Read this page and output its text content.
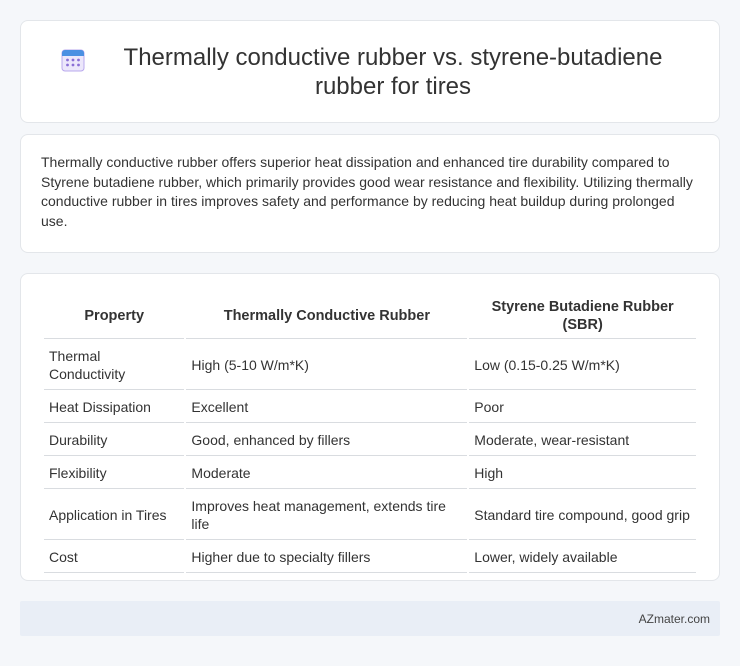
Thermally conductive rubber vs. styrene-butadiene rubber for tires

Thermally conductive rubber offers superior heat dissipation and enhanced tire durability compared to Styrene butadiene rubber, which primarily provides good wear resistance and flexibility. Utilizing thermally conductive rubber in tires improves safety and performance by reducing heat buildup during prolonged use.

Property	Thermally Conductive Rubber	Styrene Butadiene Rubber (SBR)
Thermal Conductivity	High (5-10 W/m*K)	Low (0.15-0.25 W/m*K)
Heat Dissipation	Excellent	Poor
Durability	Good, enhanced by fillers	Moderate, wear-resistant
Flexibility	Moderate	High
Application in Tires	Improves heat management, extends tire life	Standard tire compound, good grip
Cost	Higher due to specialty fillers	Lower, widely available
AZmater.com
